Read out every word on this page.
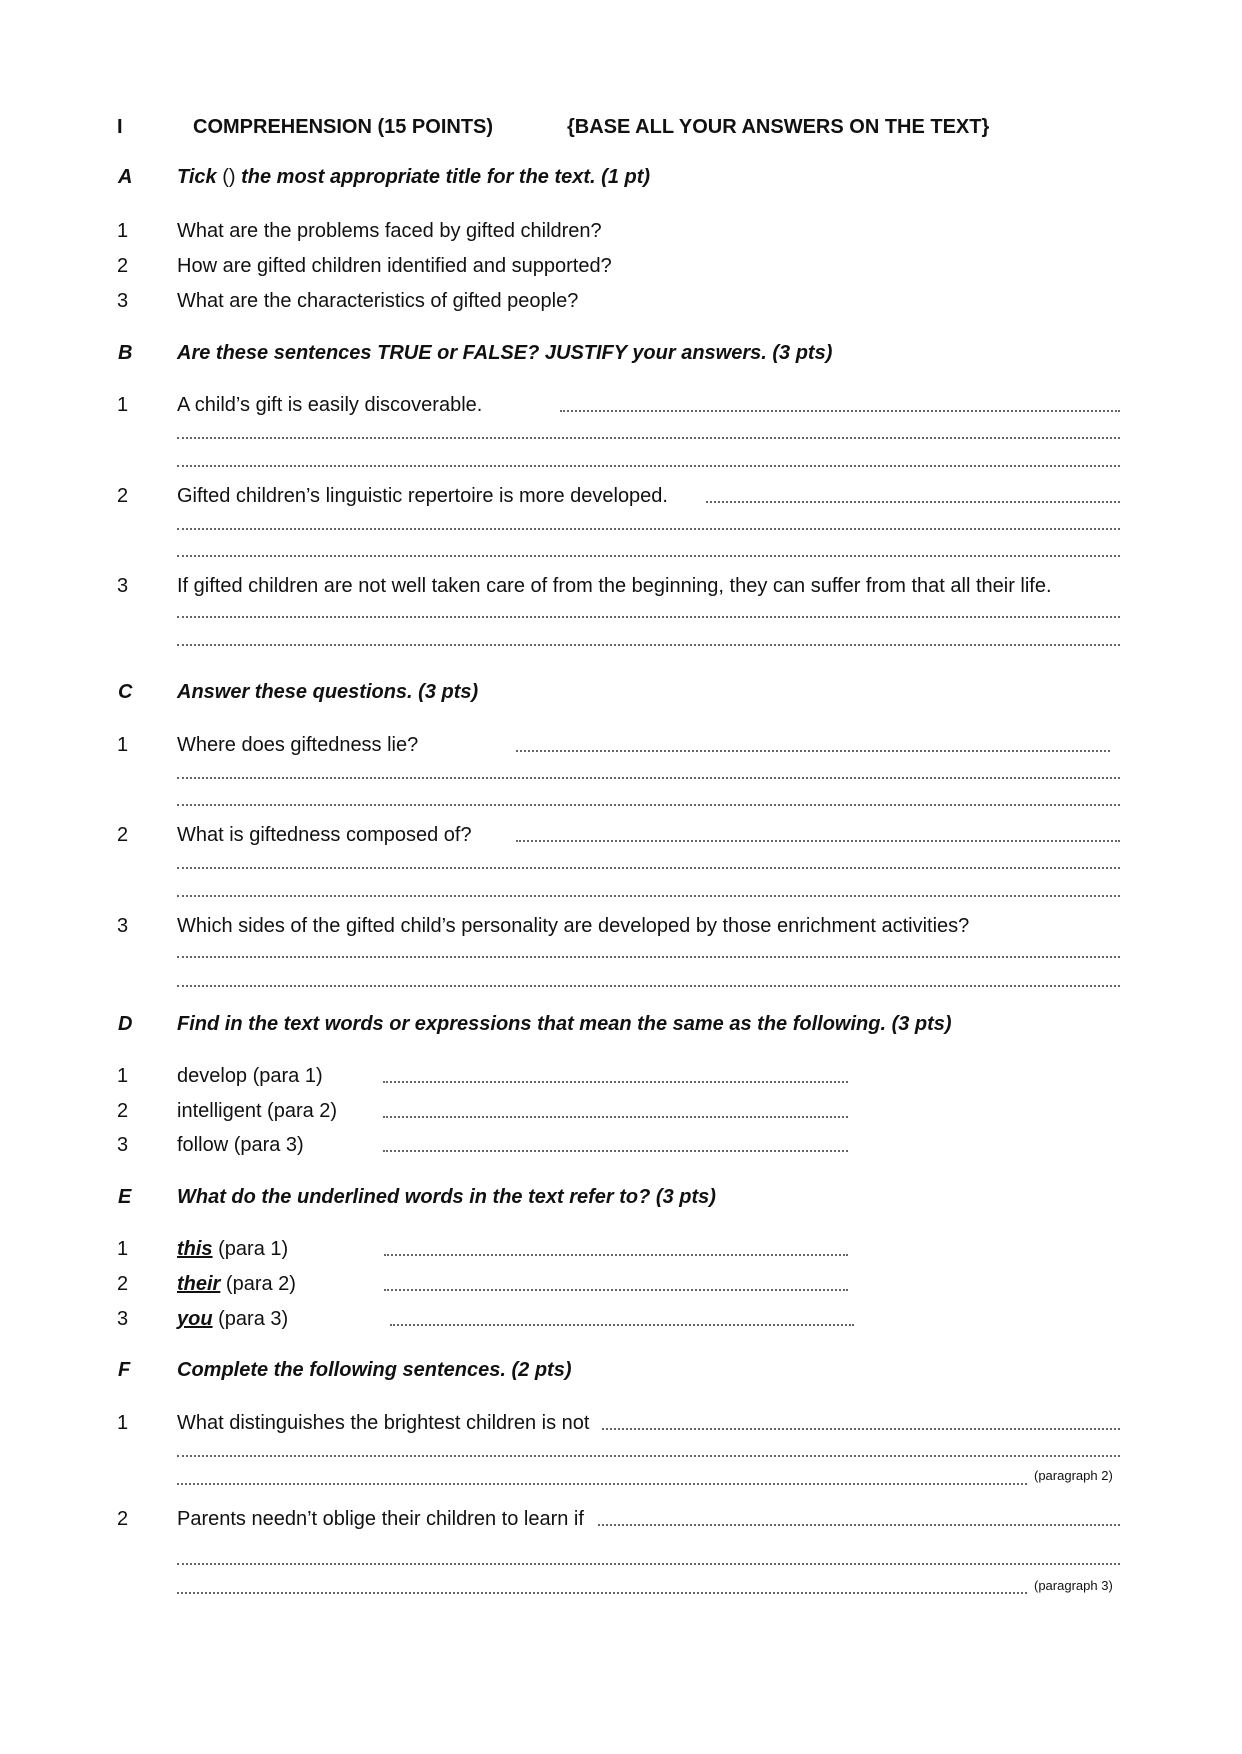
I	COMPREHENSION (15 POINTS)	{BASE ALL YOUR ANSWERS ON THE TEXT}
A Tick () the most appropriate title for the text. (1 pt)
1 What are the problems faced by gifted children?
2 How are gifted children identified and supported?
3 What are the characteristics of gifted people?
B Are these sentences TRUE or FALSE? JUSTIFY your answers. (3 pts)
1 A child’s gift is easily discoverable.
2 Gifted children’s linguistic repertoire is more developed.
3 If gifted children are not well taken care of from the beginning, they can suffer from that all their life.
C Answer these questions. (3 pts)
1 Where does giftedness lie?
2 What is giftedness composed of?
3 Which sides of the gifted child’s personality are developed by those enrichment activities?
D Find in the text words or expressions that mean the same as the following. (3 pts)
1 develop (para 1)
2 intelligent (para 2)
3 follow (para 3)
E What do the underlined words in the text refer to? (3 pts)
1 this (para 1)
2 their (para 2)
3 you (para 3)
F Complete the following sentences. (2 pts)
1 What distinguishes the brightest children is not
(paragraph 2)
2 Parents needn’t oblige their children to learn if
(paragraph 3)
